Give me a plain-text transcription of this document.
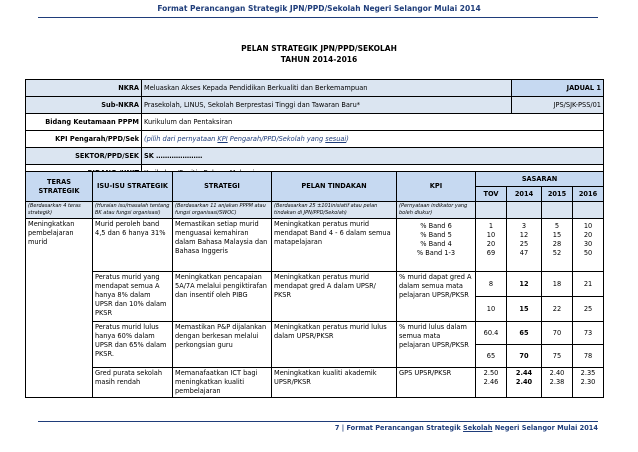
Format Perancangan Strategik JPN/PPD/Sekolah Negeri Selangor Mulai 2014
PELAN STRATEGIK JPN/PPD/SEKOLAH
TAHUN 2014-2016
NKRA	Meluaskan Akses Kepada Pendidikan Berkualiti dan Berkemampuan	JADUAL 1
Sub-NKRA	Prasekolah, LINUS, Sekolah Berprestasi Tinggi dan Tawaran Baru*	JPS/SJK-PSS/01
Bidang Keutamaan PPPM	Kurikulum dan Pentaksiran	
KPI Pengarah/PPD/Sek	(pilih dari pernyataan KPI Pengarah/PPD/Sekolah yang sesuai)	
SEKTOR/PPD/SEK	SK …………………	

TERAS STRATEGIK	ISU-ISU STRATEGIK	STRATEGI	PELAN TINDAKAN	KPI	SASARAN			
					TOV	2014	2015	2016
(Berdasarkan 4 teras strategik)	(Huraian isu/masalah tentang BK atau fungsi organisasi)	(Berdasarkan 11 anjakan PPPM atau fungsi organisasi/SWOC)	(Berdasarkan 25 ±101inisiatif atau pelan tindakan di JPN/PPD/Sekolah)	(Pernyataan indikator yang boleh diukur)				
Meningkatkan pembelajaran murid	Murid peroleh band 4,5 dan 6 hanya 31%	Memastikan setiap murid menguasai kemahiran dalam Bahasa Malaysia dan Bahasa Inggeris	Meningkatkan peratus murid mendapat Band 4 - 6 dalam semua matapelajaran	% Band 6
% Band 5
% Band 4
% Band 1-3	1
10
20
69	3
12
25
47	5
15
28
52	10
20
30
50
	Peratus murid yang mendapat semua A hanya 8% dalam UPSR dan 10% dalam PKSR	Meningkatkan pencapaian 5A/7A melalui pengiktirafan dan insentif oleh PIBG	Meningkatkan peratus murid mendapat gred A dalam UPSR/ PKSR	% murid dapat gred A dalam semua mata pelajaran UPSR/PKSR	8	12	18	21
					10	15	22	25
	Peratus murid lulus hanya 60% dalam UPSR dan 65% dalam PKSR.	Memastikan P&P dijalankan dengan berkesan melalui perkongsian guru	Meningkatkan peratus murid lulus dalam UPSR/PKSR	% murid lulus dalam semua mata pelajaran UPSR/PKSR	60.4	65	70	73
					65	70	75	78
	Gred purata sekolah masih rendah	Memanafaatkan ICT bagi meningkatkan kualiti pembelajaran	Meningkatkan kualiti akademik UPSR/PKSR	GPS UPSR/PKSR	2.50
2.46	2.44
2.40	2.40
2.38	2.35
2.30
7 | Format Perancangan Strategik Sekolah Negeri Selangor Mulai 2014
